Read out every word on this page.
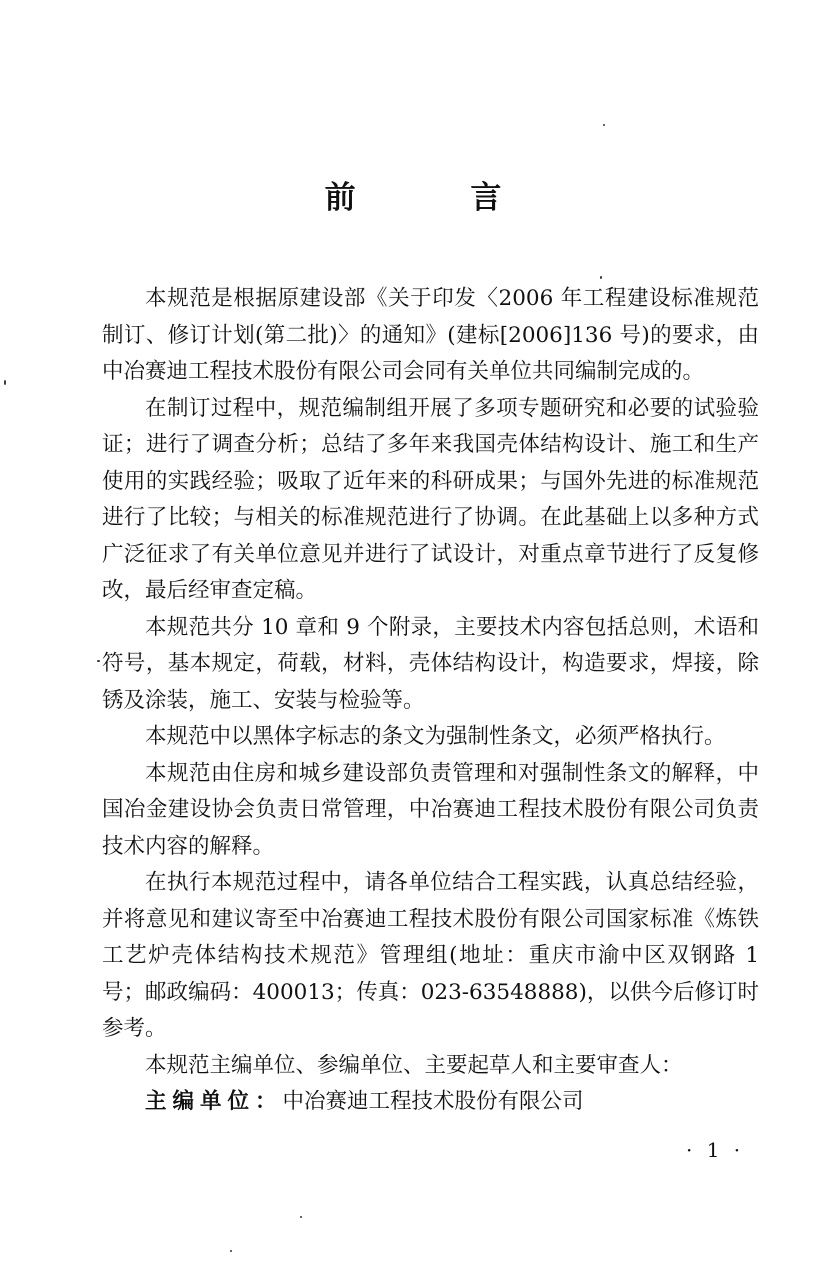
前 言

本规范是根据原建设部《关于印发〈2006 年工程建设标准规范制订、修订计划(第二批)〉的通知》(建标[2006]136 号)的要求，由中冶赛迪工程技术股份有限公司会同有关单位共同编制完成的。

在制订过程中，规范编制组开展了多项专题研究和必要的试验验证；进行了调查分析；总结了多年来我国壳体结构设计、施工和生产使用的实践经验；吸取了近年来的科研成果；与国外先进的标准规范进行了比较；与相关的标准规范进行了协调。在此基础上以多种方式广泛征求了有关单位意见并进行了试设计，对重点章节进行了反复修改，最后经审查定稿。

本规范共分 10 章和 9 个附录，主要技术内容包括总则，术语和符号，基本规定，荷载，材料，壳体结构设计，构造要求，焊接，除锈及涂装，施工、安装与检验等。

本规范中以黑体字标志的条文为强制性条文，必须严格执行。

本规范由住房和城乡建设部负责管理和对强制性条文的解释，中国冶金建设协会负责日常管理，中冶赛迪工程技术股份有限公司负责技术内容的解释。

在执行本规范过程中，请各单位结合工程实践，认真总结经验，并将意见和建议寄至中冶赛迪工程技术股份有限公司国家标准《炼铁工艺炉壳体结构技术规范》管理组(地址：重庆市渝中区双钢路 1 号；邮政编码：400013；传真：023-63548888)，以供今后修订时参考。

本规范主编单位、参编单位、主要起草人和主要审查人：

主编单位：中冶赛迪工程技术股份有限公司

· 1 ·
